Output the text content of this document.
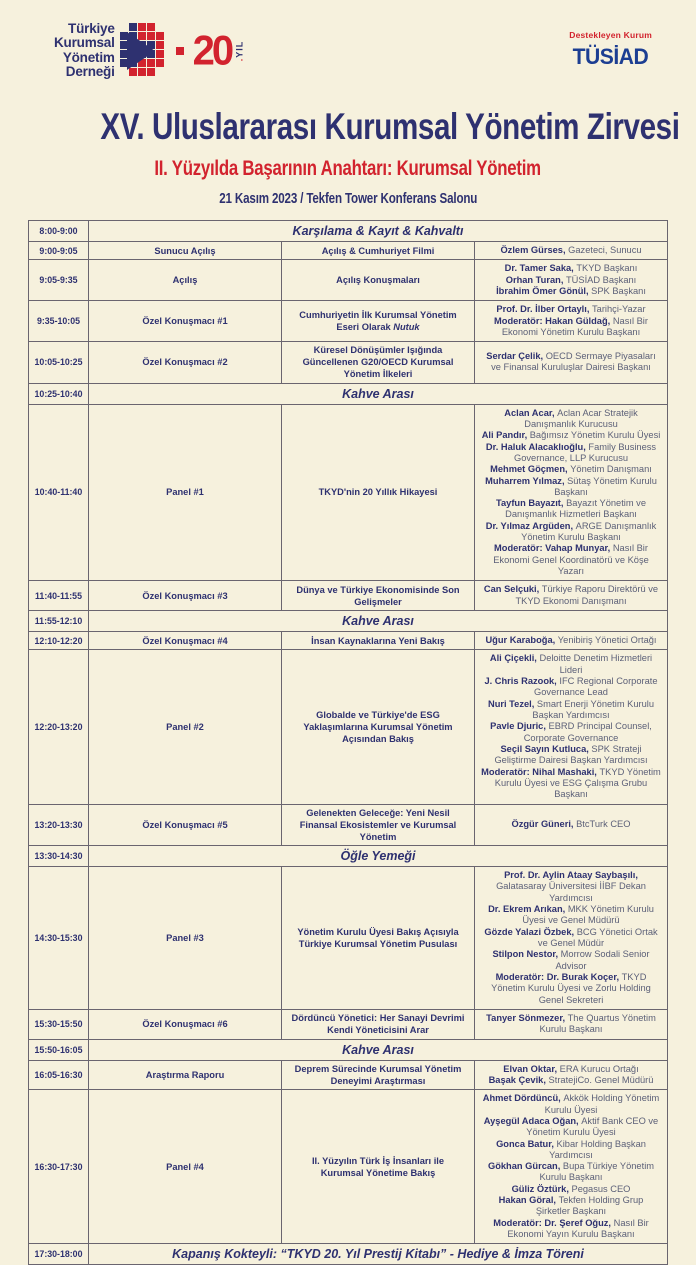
Türkiye
Kurumsal
Yönetim
Derneği 20 .YIL
Destekleyen Kurum
TÜSİAD
XV. Uluslararası Kurumsal Yönetim Zirvesi
II. Yüzyılda Başarının Anahtarı: Kurumsal Yönetim
21 Kasım 2023 / Tekfen Tower Konferans Salonu
8:00-9:00	Karşılama & Kayıt & Kahvaltı		
9:00-9:05	Sunucu Açılış	Açılış & Cumhuriyet Filmi	Özlem Gürses, Gazeteci, Sunucu

9:05-9:35	Açılış	Açılış Konuşmaları	Dr. Tamer Saka, TKYD Başkanı
Orhan Turan, TÜSİAD Başkanı
İbrahim Ömer Gönül, SPK Başkanı

9:35-10:05	Özel Konuşmacı #1	Cumhuriyetin İlk Kurumsal Yönetim Eseri Olarak Nutuk	Prof. Dr. İlber Ortaylı, Tarihçi-Yazar
Moderatör: Hakan Güldağ, Nasıl Bir Ekonomi Yönetim Kurulu Başkanı

10:05-10:25	Özel Konuşmacı #2	Küresel Dönüşümler Işığında Güncellenen G20/OECD Kurumsal Yönetim İlkeleri	Serdar Çelik, OECD Sermaye Piyasaları ve Finansal Kuruluşlar Dairesi Başkanı

10:25-10:40	Kahve Arası		
10:40-11:40	Panel #1	TKYD'nin 20 Yıllık Hikayesi	
Aclan Acar, Aclan Acar Stratejik Danışmanlık Kurucusu
Ali Pandır, Bağımsız Yönetim Kurulu Üyesi
Dr. Haluk Alacaklıoğlu, Family Business Governance, LLP Kurucusu
Mehmet Göçmen, Yönetim Danışmanı
Muharrem Yılmaz, Sütaş Yönetim Kurulu Başkanı
Tayfun Bayazıt, Bayazıt Yönetim ve Danışmanlık Hizmetleri Başkanı
Dr. Yılmaz Argüden, ARGE Danışmanlık Yönetim Kurulu Başkanı
Moderatör: Vahap Munyar, Nasıl Bir Ekonomi Genel Koordinatörü ve Köşe Yazarı

11:40-11:55	Özel Konuşmacı #3	Dünya ve Türkiye Ekonomisinde Son Gelişmeler	Can Selçuki, Türkiye Raporu Direktörü ve TKYD Ekonomi Danışmanı

11:55-12:10	Kahve Arası		
12:10-12:20	Özel Konuşmacı #4	İnsan Kaynaklarına Yeni Bakış	Uğur Karaboğa, Yenibiriş Yönetici Ortağı

12:20-13:20	Panel #2	Globalde ve Türkiye'de ESG Yaklaşımlarına Kurumsal Yönetim Açısından Bakış	
Ali Çiçekli, Deloitte Denetim Hizmetleri Lideri
J. Chris Razook, IFC Regional Corporate Governance Lead
Nuri Tezel, Smart Enerji Yönetim Kurulu Başkan Yardımcısı
Pavle Djuric, EBRD Principal Counsel, Corporate Governance
Seçil Sayın Kutluca, SPK Strateji Geliştirme Dairesi Başkan Yardımcısı
Moderatör: Nihal Mashaki, TKYD Yönetim Kurulu Üyesi ve ESG Çalışma Grubu Başkanı

13:20-13:30	Özel Konuşmacı #5	Gelenekten Geleceğe: Yeni Nesil Finansal Ekosistemler ve Kurumsal Yönetim	Özgür Güneri, BtcTurk CEO

13:30-14:30	Öğle Yemeği		
14:30-15:30	Panel #3	Yönetim Kurulu Üyesi Bakış Açısıyla Türkiye Kurumsal Yönetim Pusulası	Prof. Dr. Aylin Ataay Saybaşılı, Galatasaray Üniversitesi İİBF Dekan Yardımcısı
Dr. Ekrem Arıkan, MKK Yönetim Kurulu Üyesi ve Genel Müdürü
Gözde Yalazi Özbek, BCG Yönetici Ortak ve Genel Müdür
Stilpon Nestor, Morrow Sodali Senior Advisor
Moderatör: Dr. Burak Koçer, TKYD Yönetim Kurulu Üyesi ve Zorlu Holding Genel Sekreteri

15:30-15:50	Özel Konuşmacı #6	Dördüncü Yönetici: Her Sanayi Devrimi Kendi Yöneticisini Arar	Tanyer Sönmezer, The Quartus Yönetim Kurulu Başkanı

15:50-16:05	Kahve Arası		
16:05-16:30	Araştırma Raporu	Deprem Sürecinde Kurumsal Yönetim Deneyimi Araştırması	Elvan Oktar, ERA Kurucu Ortağı
Başak Çevik, StratejiCo. Genel Müdürü

16:30-17:30	Panel #4	II. Yüzyılın Türk İş İnsanları ile Kurumsal Yönetime Bakış	
Ahmet Dördüncü, Akkök Holding Yönetim Kurulu Üyesi
Ayşegül Adaca Oğan, Aktif Bank CEO ve Yönetim Kurulu Üyesi
Gonca Batur, Kibar Holding Başkan Yardımcısı
Gökhan Gürcan, Bupa Türkiye Yönetim Kurulu Başkanı
Güliz Öztürk, Pegasus CEO
Hakan Göral, Tekfen Holding Grup Şirketler Başkanı
Moderatör: Dr. Şeref Oğuz, Nasıl Bir Ekonomi Yayın Kurulu Başkanı

17:30-18:00	Kapanış Kokteyli: “TKYD 20. Yıl Prestij Kitabı” - Hediye & İmza Töreni		
